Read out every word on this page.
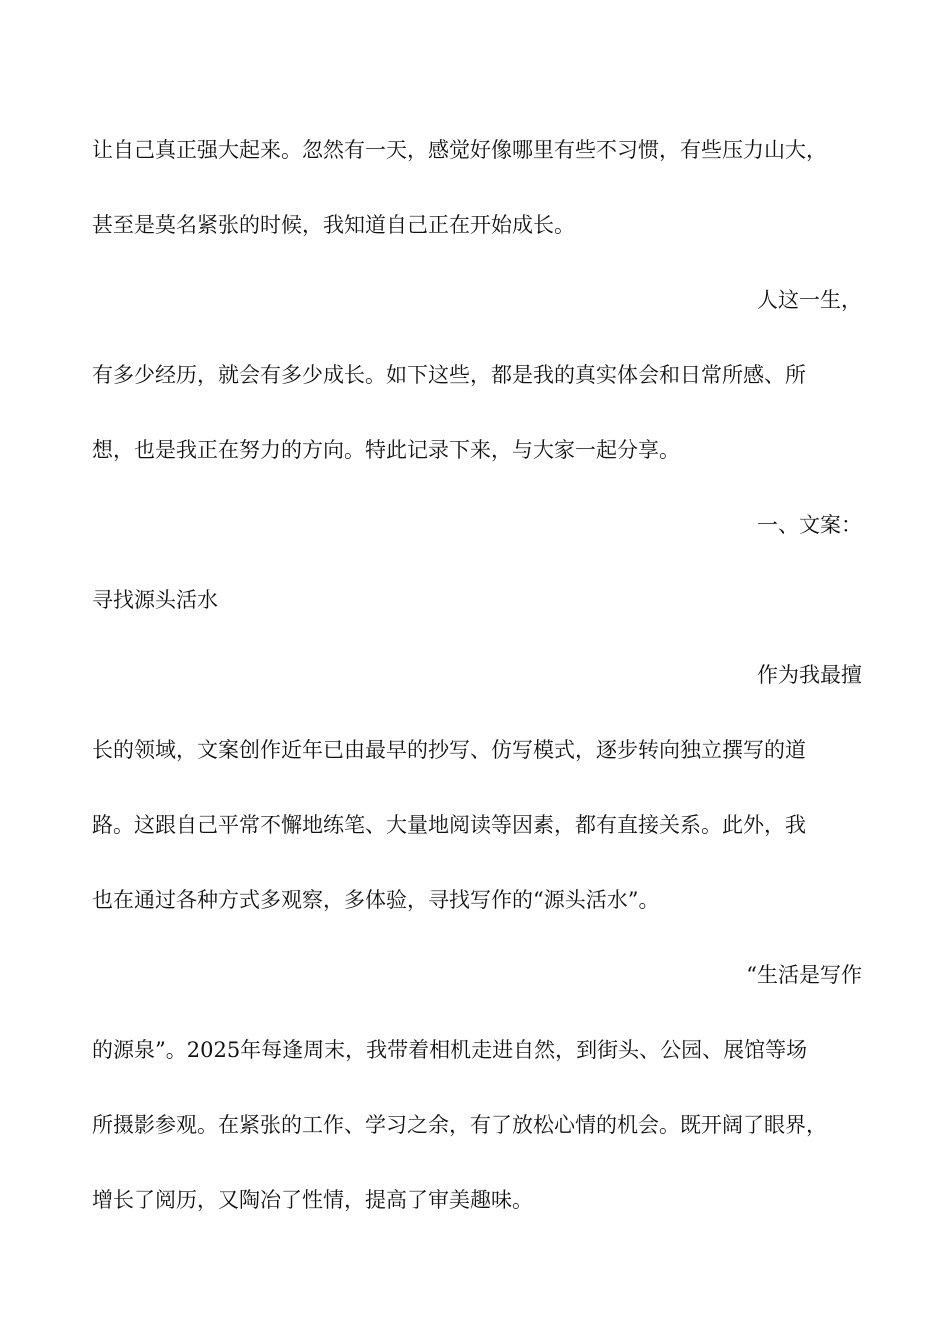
让自己真正强大起来。忽然有一天，感觉好像哪里有些不习惯，有些压力山大，
甚至是莫名紧张的时候，我知道自己正在开始成长。
人这一生，
有多少经历，就会有多少成长。如下这些，都是我的真实体会和日常所感、所
想，也是我正在努力的方向。特此记录下来，与大家一起分享。
一、文案：
寻找源头活水
作为我最擅
长的领域，文案创作近年已由最早的抄写、仿写模式，逐步转向独立撰写的道
路。这跟自己平常不懈地练笔、大量地阅读等因素，都有直接关系。此外，我
也在通过各种方式多观察，多体验，寻找写作的“源头活水”。
“生活是写作
的源泉”。2025年每逢周末，我带着相机走进自然，到街头、公园、展馆等场
所摄影参观。在紧张的工作、学习之余，有了放松心情的机会。既开阔了眼界，
增长了阅历，又陶冶了性情，提高了审美趣味。
